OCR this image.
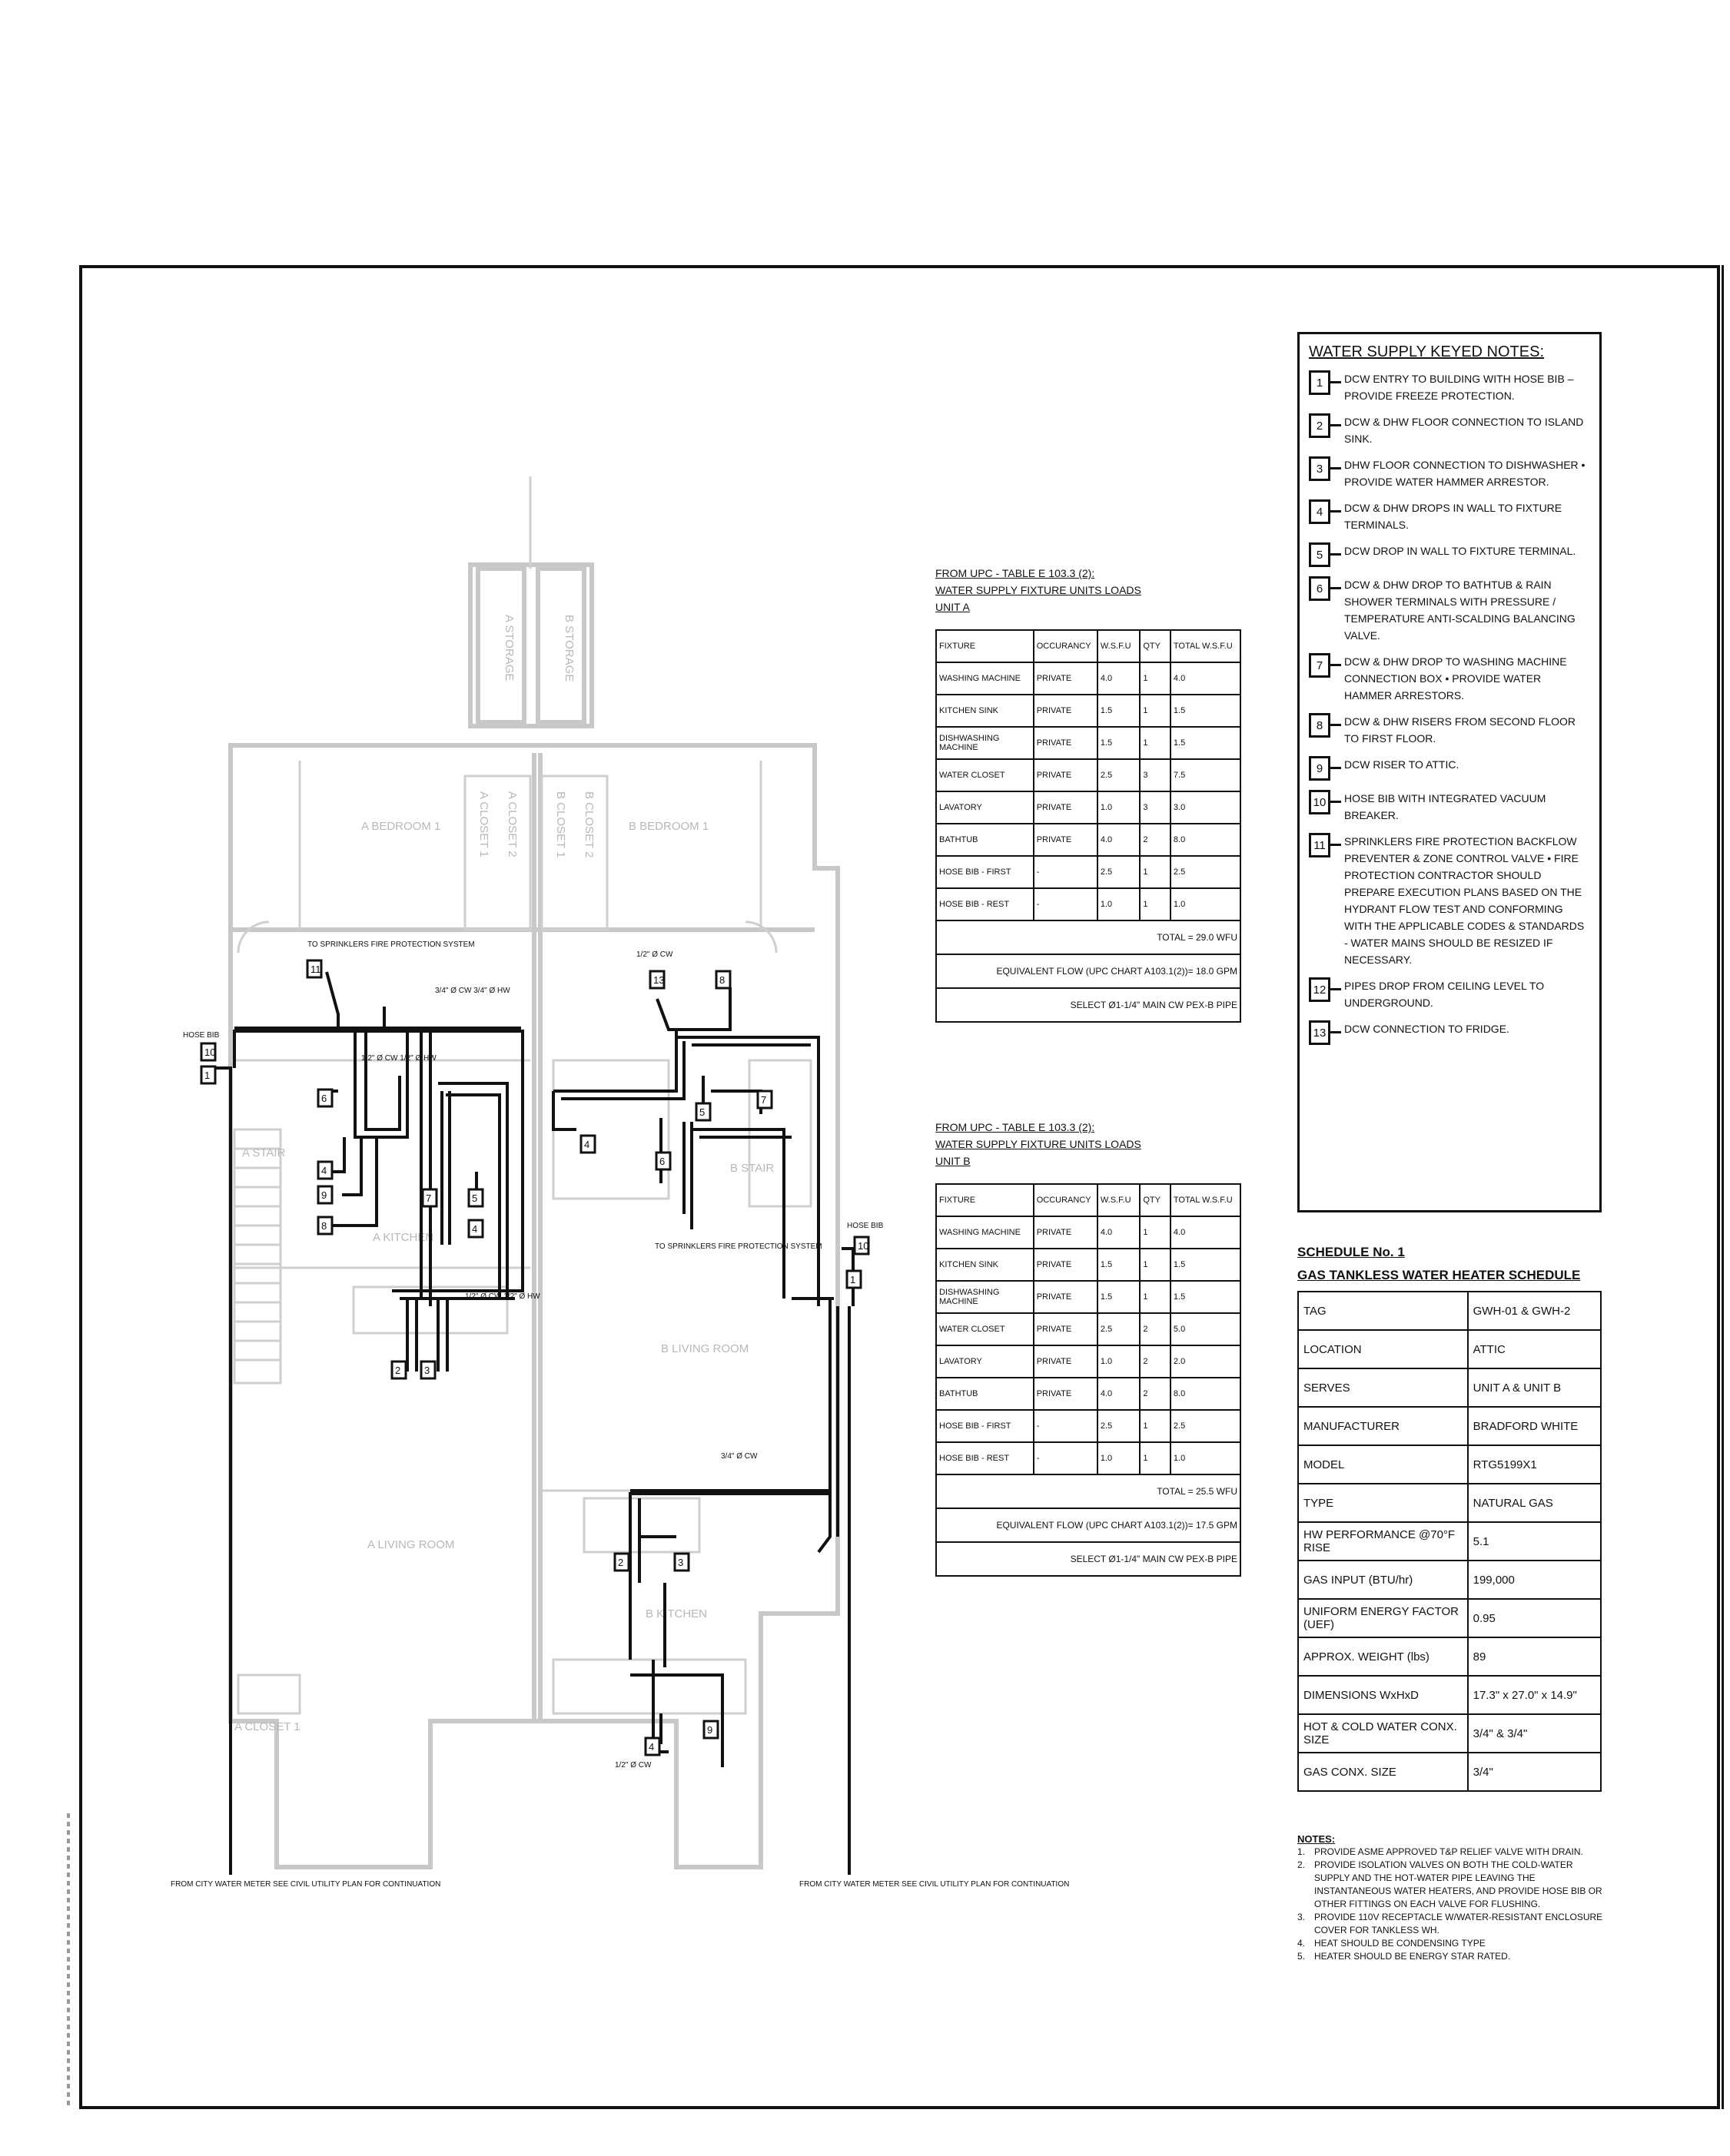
A STORAGE	B STORAGE
A BEDROOM 1	B BEDROOM 1
A CLOSET 1 A CLOSET 2	B CLOSET 1 B CLOSET 2
A STAIR
A KITCHEN
B STAIR
B LIVING ROOM
A LIVING ROOM
B KITCHEN
A CLOSET 1
10
1
11
6
4
9
8
7	5
4
2 3
13	8
4
6
5
7
10
1
2	3
4
9
HOSE BIB
HOSE BIB
TO SPRINKLERS FIRE PROTECTION SYSTEM
TO SPRINKLERS FIRE PROTECTION SYSTEM
FROM CITY WATER METER SEE CIVIL UTILITY PLAN FOR CONTINUATION	FROM CITY WATER METER SEE CIVIL UTILITY PLAN FOR CONTINUATION
3/4" Ø CW 3/4" Ø HW
1/2" Ø CW 1/2" Ø HW
1/2" Ø CW
1/2" Ø CW 1/2" Ø HW
3/4" Ø CW
1/2" Ø CW
FROM UPC - TABLE E 103.3 (2):
WATER SUPPLY FIXTURE UNITS LOADS
UNIT A
FIXTURE	OCCURANCY	W.S.F.U	QTY	TOTAL W.S.F.U
WASHING MACHINE	PRIVATE	4.0	1	4.0
KITCHEN SINK	PRIVATE	1.5	1	1.5
DISHWASHING MACHINE	PRIVATE	1.5	1	1.5
WATER CLOSET	PRIVATE	2.5	3	7.5
LAVATORY	PRIVATE	1.0	3	3.0
BATHTUB	PRIVATE	4.0	2	8.0
HOSE BIB - FIRST	-	2.5	1	2.5
HOSE BIB - REST	-	1.0	1	1.0
TOTAL = 29.0 WFU				
EQUIVALENT FLOW (UPC CHART A103.1(2))= 18.0 GPM				
SELECT Ø1-1/4" MAIN CW PEX-B PIPE				
FROM UPC - TABLE E 103.3 (2):
WATER SUPPLY FIXTURE UNITS LOADS
UNIT B
FIXTURE	OCCURANCY	W.S.F.U	QTY	TOTAL W.S.F.U
WASHING MACHINE	PRIVATE	4.0	1	4.0
KITCHEN SINK	PRIVATE	1.5	1	1.5
DISHWASHING MACHINE	PRIVATE	1.5	1	1.5
WATER CLOSET	PRIVATE	2.5	2	5.0
LAVATORY	PRIVATE	1.0	2	2.0
BATHTUB	PRIVATE	4.0	2	8.0
HOSE BIB - FIRST	-	2.5	1	2.5
HOSE BIB - REST	-	1.0	1	1.0
TOTAL = 25.5 WFU				
EQUIVALENT FLOW (UPC CHART A103.1(2))= 17.5 GPM				
SELECT Ø1-1/4" MAIN CW PEX-B PIPE				
WATER SUPPLY KEYED NOTES:
1	DCW ENTRY TO BUILDING WITH HOSE BIB – PROVIDE FREEZE PROTECTION.
2	DCW & DHW FLOOR CONNECTION TO ISLAND SINK.
3	DHW FLOOR CONNECTION TO DISHWASHER • PROVIDE WATER HAMMER ARRESTOR.
4	DCW & DHW DROPS IN WALL TO FIXTURE TERMINALS.
5	DCW DROP IN WALL TO FIXTURE TERMINAL.
6	DCW & DHW DROP TO BATHTUB & RAIN SHOWER TERMINALS WITH PRESSURE / TEMPERATURE ANTI-SCALDING BALANCING VALVE.
7	DCW & DHW DROP TO WASHING MACHINE CONNECTION BOX • PROVIDE WATER HAMMER ARRESTORS.
8	DCW & DHW RISERS FROM SECOND FLOOR TO FIRST FLOOR.
9	DCW RISER TO ATTIC.
10	HOSE BIB WITH INTEGRATED VACUUM BREAKER.
11	SPRINKLERS FIRE PROTECTION BACKFLOW PREVENTER & ZONE CONTROL VALVE • FIRE PROTECTION CONTRACTOR SHOULD PREPARE EXECUTION PLANS BASED ON THE HYDRANT FLOW TEST AND CONFORMING WITH THE APPLICABLE CODES & STANDARDS - WATER MAINS SHOULD BE RESIZED IF NECESSARY.
12	PIPES DROP FROM CEILING LEVEL TO UNDERGROUND.
13	DCW CONNECTION TO FRIDGE.
SCHEDULE No. 1
GAS TANKLESS WATER HEATER SCHEDULE
TAG	GWH-01 & GWH-2
LOCATION	ATTIC
SERVES	UNIT A & UNIT B
MANUFACTURER	BRADFORD WHITE
MODEL	RTG5199X1
TYPE	NATURAL GAS
HW PERFORMANCE @70°F RISE	5.1
GAS INPUT (BTU/hr)	199,000
UNIFORM ENERGY FACTOR (UEF)	0.95
APPROX. WEIGHT (lbs)	89
DIMENSIONS WxHxD	17.3" x 27.0" x 14.9"
HOT & COLD WATER CONX. SIZE	3/4" & 3/4"
GAS CONX. SIZE	3/4"
NOTES:
1. PROVIDE ASME APPROVED T&P RELIEF VALVE WITH DRAIN.
2. PROVIDE ISOLATION VALVES ON BOTH THE COLD-WATER SUPPLY AND THE HOT-WATER PIPE LEAVING THE INSTANTANEOUS WATER HEATERS, AND PROVIDE HOSE BIB OR OTHER FITTINGS ON EACH VALVE FOR FLUSHING.
3. PROVIDE 110V RECEPTACLE W/WATER-RESISTANT ENCLOSURE COVER FOR TANKLESS WH.
4. HEAT SHOULD BE CONDENSING TYPE
5. HEATER SHOULD BE ENERGY STAR RATED.
